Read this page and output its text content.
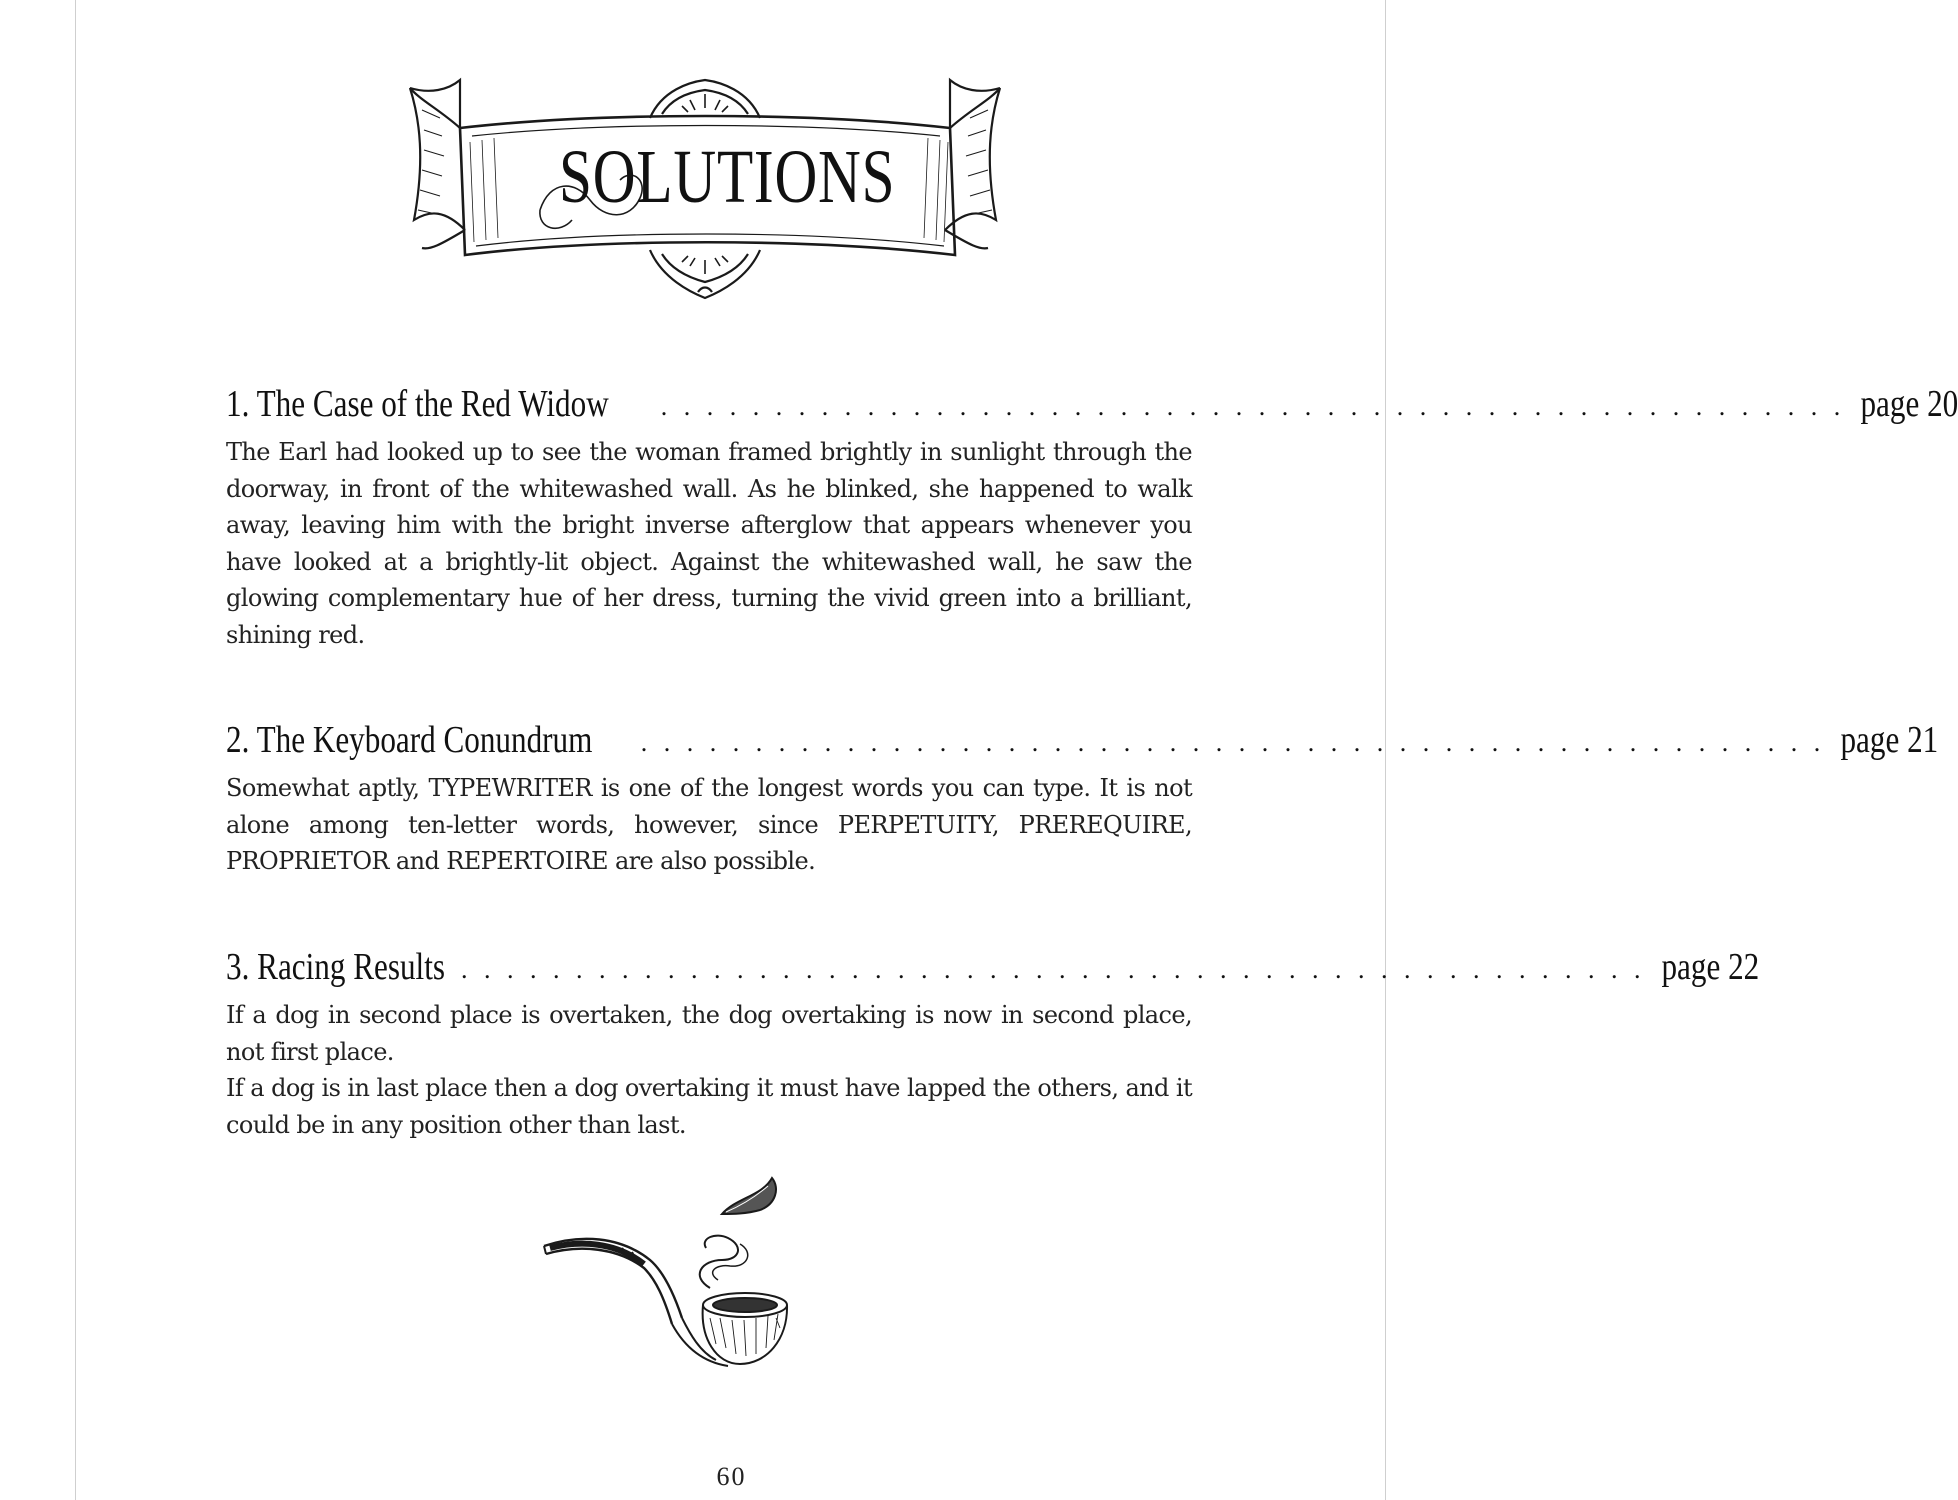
SOLUTIONS
1. The Case of the Red Widow . . . . . . . . . . . . . . . . . . . . . . . . . . . . . . . . . . . . . . . . . . . . . . . . . . . . page 20

The Earl had looked up to see the woman framed brightly in sunlight through the doorway, in front of the whitewashed wall. As he blinked, she happened to walk away, leaving him with the bright inverse afterglow that appears whenever you have looked at a brightly-lit object. Against the whitewashed wall, he saw the glowing complementary hue of her dress, turning the vivid green into a brilliant, shining red.

2. The Keyboard Conundrum . . . . . . . . . . . . . . . . . . . . . . . . . . . . . . . . . . . . . . . . . . . . . . . . . . . . page 21

Somewhat aptly, TYPEWRITER is one of the longest words you can type. It is not alone among ten-letter words, however, since PERPETUITY, PREREQUIRE, PROPRIETOR and REPERTOIRE are also possible.

3. Racing Results . . . . . . . . . . . . . . . . . . . . . . . . . . . . . . . . . . . . . . . . . . . . . . . . . . . . page 22

If a dog in second place is overtaken, the dog overtaking is now in second place, not first place.

If a dog is in last place then a dog overtaking it must have lapped the others, and it could be in any position other than last.

60
